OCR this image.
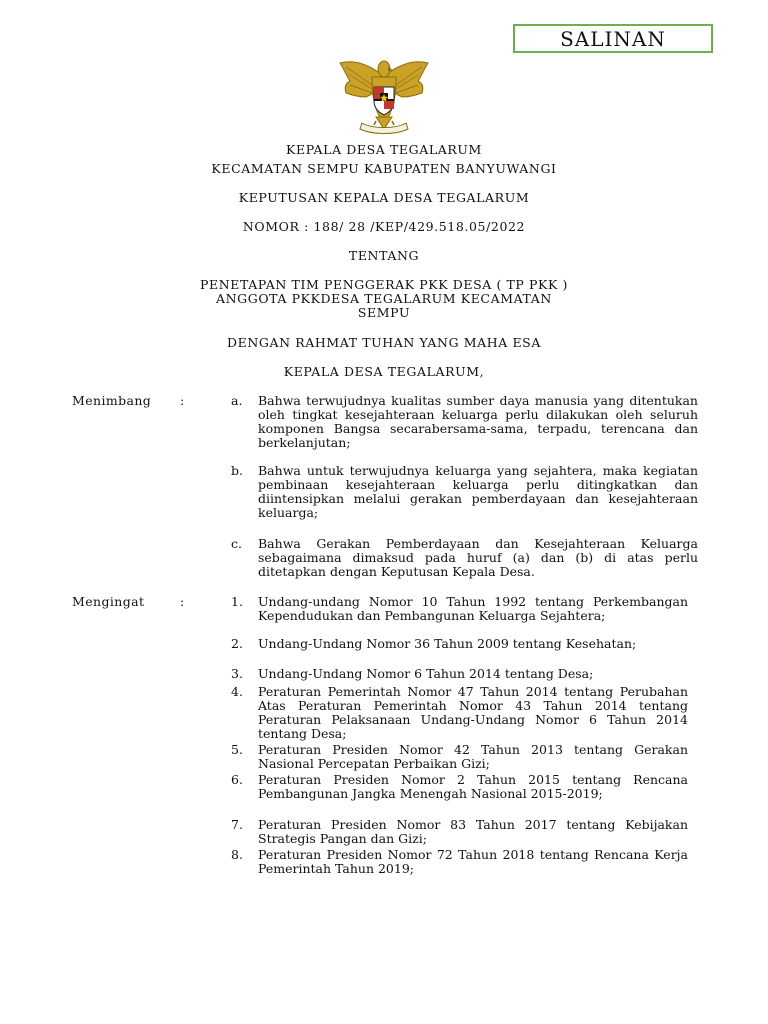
SALINAN
KEPALA DESA TEGALARUM
KECAMATAN SEMPU KABUPATEN BANYUWANGI
KEPUTUSAN KEPALA DESA TEGALARUM
NOMOR : 188/ 28 /KEP/429.518.05/2022
TENTANG
PENETAPAN TIM PENGGERAK PKK DESA ( TP PKK )
ANGGOTA PKKDESA TEGALARUM KECAMATAN
SEMPU
DENGAN RAHMAT TUHAN YANG MAHA ESA
KEPALA DESA TEGALARUM,
Menimbang :	a. Bahwa terwujudnya kualitas sumber daya manusia yang ditentukan oleh tingkat kesejahteraan keluarga perlu dilakukan oleh seluruh komponen Bangsa secarabersama-sama, terpadu, terencana dan berkelanjutan;
b. Bahwa untuk terwujudnya keluarga yang sejahtera, maka kegiatan pembinaan kesejahteraan keluarga perlu ditingkatkan dan diintensipkan melalui gerakan pemberdayaan dan kesejahteraan keluarga;
c. Bahwa Gerakan Pemberdayaan dan Kesejahteraan Keluarga sebagaimana dimaksud pada huruf (a) dan (b) di atas perlu ditetapkan dengan Keputusan Kepala Desa.
Mengingat	:	1. Undang-undang Nomor 10 Tahun 1992 tentang Perkembangan Kependudukan dan Pembangunan Keluarga Sejahtera;
2. Undang-Undang Nomor 36 Tahun 2009 tentang Kesehatan;
3. Undang-Undang Nomor 6 Tahun 2014 tentang Desa;
4. Peraturan Pemerintah Nomor 47 Tahun 2014 tentang Perubahan Atas Peraturan Pemerintah Nomor 43 Tahun 2014 tentang Peraturan Pelaksanaan Undang-Undang Nomor 6 Tahun 2014 tentang Desa;
5. Peraturan Presiden Nomor 42 Tahun 2013 tentang Gerakan Nasional Percepatan Perbaikan Gizi;
6. Peraturan Presiden Nomor 2 Tahun 2015 tentang Rencana Pembangunan Jangka Menengah Nasional 2015-2019;
7. Peraturan Presiden Nomor 83 Tahun 2017 tentang Kebijakan Strategis Pangan dan Gizi;
8. Peraturan Presiden Nomor 72 Tahun 2018 tentang Rencana Kerja Pemerintah Tahun 2019;
